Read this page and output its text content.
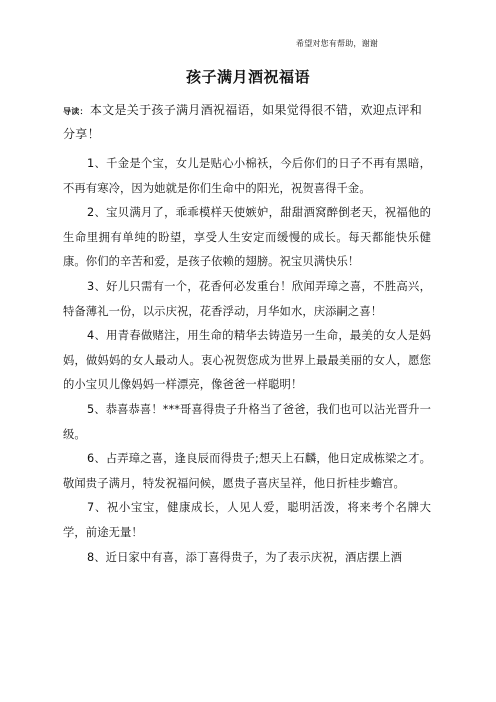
希望对您有帮助，谢谢
孩子满月酒祝福语
导读： 本文是关于孩子满月酒祝福语，如果觉得很不错，欢迎点评和分享！

1、千金是个宝，女儿是贴心小棉袄，今后你们的日子不再有黑暗，不再有寒冷，因为她就是你们生命中的阳光，祝贺喜得千金。

2、宝贝满月了，乖乖模样天使嫉妒，甜甜酒窝醉倒老天，祝福他的生命里拥有单纯的盼望，享受人生安定而缓慢的成长。每天都能快乐健康。你们的辛苦和爱，是孩子依赖的翅膀。祝宝贝满快乐！

3、好儿只需有一个，花香何必发重台！欣闻弄璋之喜，不胜高兴，特备薄礼一份，以示庆祝，花香浮动，月华如水，庆添嗣之喜！

4、用青春做赌注，用生命的精华去铸造另一生命，最美的女人是妈妈，做妈妈的女人最动人。衷心祝贺您成为世界上最最美丽的女人，愿您的小宝贝儿像妈妈一样漂亮，像爸爸一样聪明！

5、恭喜恭喜！***哥喜得贵子升格当了爸爸，我们也可以沾光晋升一级。

6、占弄璋之喜，逢良辰而得贵子;想天上石麟，他日定成栋梁之才。敬闻贵子满月，特发祝福问候，愿贵子喜庆呈祥，他日折桂步蟾宫。

7、祝小宝宝，健康成长，人见人爱，聪明活泼，将来考个名牌大学，前途无量！

8、近日家中有喜，添丁喜得贵子，为了表示庆祝，酒店摆上酒
